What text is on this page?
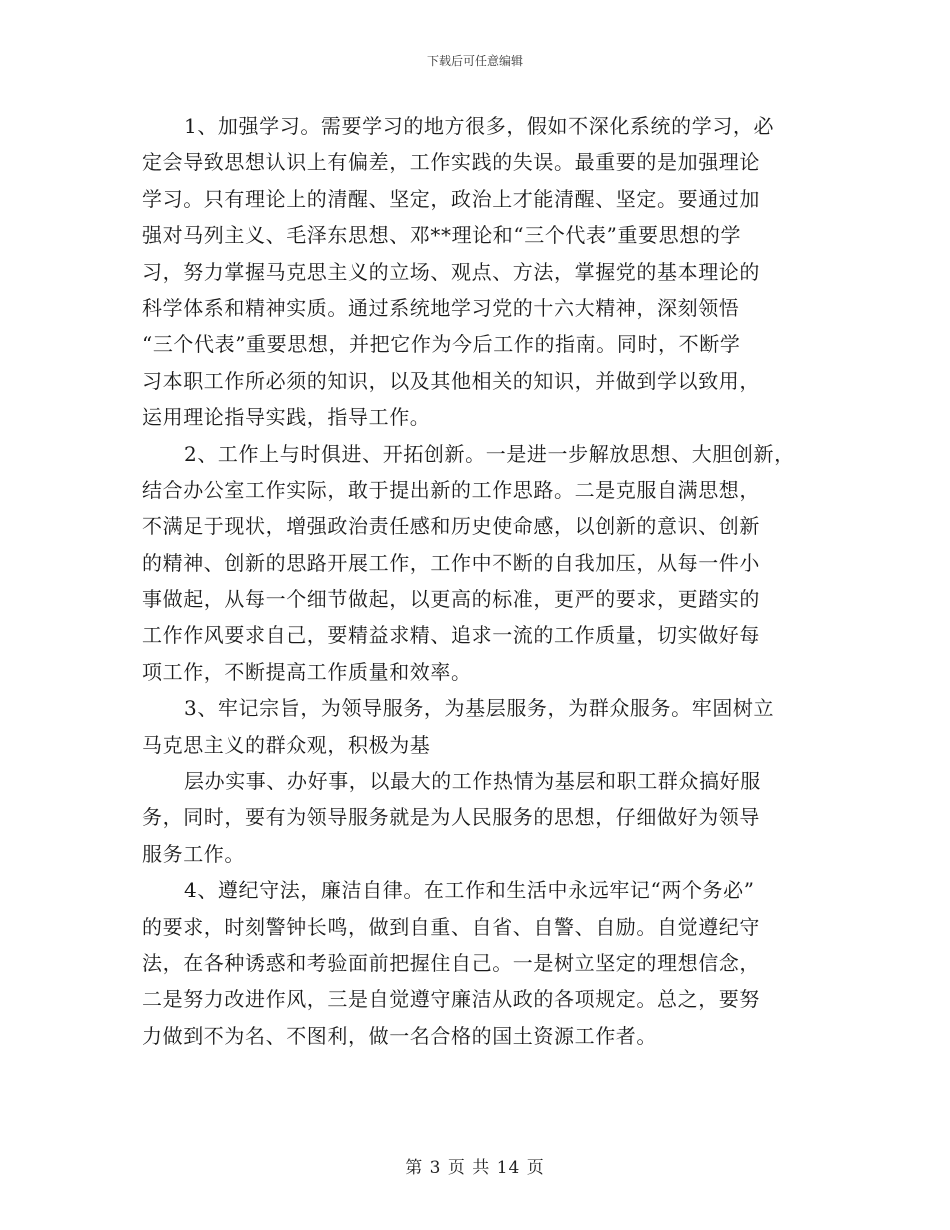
下载后可任意编辑
1、加强学习。需要学习的地方很多，假如不深化系统的学习，必
定会导致思想认识上有偏差，工作实践的失误。最重要的是加强理论
学习。只有理论上的清醒、坚定，政治上才能清醒、坚定。要通过加
强对马列主义、毛泽东思想、邓**理论和“三个代表”重要思想的学
习，努力掌握马克思主义的立场、观点、方法，掌握党的基本理论的
科学体系和精神实质。通过系统地学习党的十六大精神，深刻领悟
“三个代表”重要思想，并把它作为今后工作的指南。同时，不断学
习本职工作所必须的知识，以及其他相关的知识，并做到学以致用，
运用理论指导实践，指导工作。
2、工作上与时俱进、开拓创新。一是进一步解放思想、大胆创新，
结合办公室工作实际，敢于提出新的工作思路。二是克服自满思想，
不满足于现状，增强政治责任感和历史使命感，以创新的意识、创新
的精神、创新的思路开展工作，工作中不断的自我加压，从每一件小
事做起，从每一个细节做起，以更高的标准，更严的要求，更踏实的
工作作风要求自己，要精益求精、追求一流的工作质量，切实做好每
项工作，不断提高工作质量和效率。
3、牢记宗旨，为领导服务，为基层服务，为群众服务。牢固树立
马克思主义的群众观，积极为基
层办实事、办好事，以最大的工作热情为基层和职工群众搞好服
务，同时，要有为领导服务就是为人民服务的思想，仔细做好为领导
服务工作。
4、遵纪守法，廉洁自律。在工作和生活中永远牢记“两个务必”
的要求，时刻警钟长鸣，做到自重、自省、自警、自励。自觉遵纪守
法，在各种诱惑和考验面前把握住自己。一是树立坚定的理想信念，
二是努力改进作风，三是自觉遵守廉洁从政的各项规定。总之，要努
力做到不为名、不图利，做一名合格的国土资源工作者。
第 3 页 共 14 页
